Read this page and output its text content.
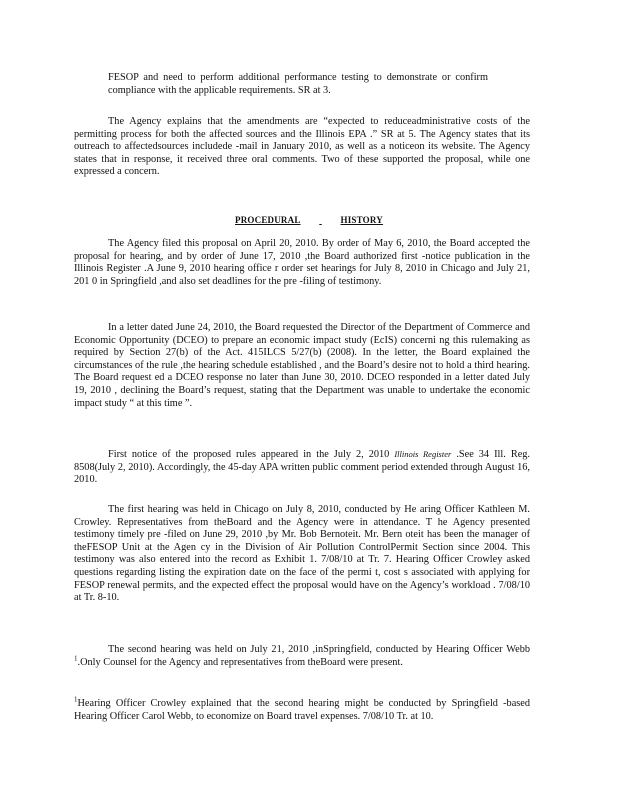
FESOP and need to perform additional performance testing to demonstrate or confirm compliance with the applicable requirements. SR at 3.

The Agency explains that the amendments are “expected to reduceadministrative costs of the permitting process for both the affected sources and the Illinois EPA .” SR at 5. The Agency states that its outreach to affectedsources includede -mail in January 2010, as well as a noticeon its website. The Agency states that in response, it received three oral comments. Two of these supported the proposal, while one expressed a concern.

PROCEDURAL	HISTORY

The Agency filed this proposal on April 20, 2010. By order of May 6, 2010, the Board accepted the proposal for hearing, and by order of June 17, 2010 ,the Board authorized first -notice publication in the Illinois Register .A June 9, 2010 hearing office r order set hearings for July 8, 2010 in Chicago and July 21, 201 0 in Springfield ,and also set deadlines for the pre -filing of testimony.

In a letter dated June 24, 2010, the Board requested the Director of the Department of Commerce and Economic Opportunity (DCEO) to prepare an economic impact study (EcIS) concerni ng this rulemaking as required by Section 27(b) of the Act. 415ILCS 5/27(b) (2008). In the letter, the Board explained the circumstances of the rule ,the hearing schedule established , and the Board’s desire not to hold a third hearing. The Board request ed a DCEO response no later than June 30, 2010. DCEO responded in a letter dated July 19, 2010 , declining the Board’s request, stating that the Department was unable to undertake the economic impact study “ at this time ”.

First notice of the proposed rules appeared in the July 2, 2010 Illinois Register .See 34 Ill. Reg. 8508(July 2, 2010). Accordingly, the 45-day APA written public comment period extended through August 16, 2010.

The first hearing was held in Chicago on July 8, 2010, conducted by He aring Officer Kathleen M. Crowley. Representatives from theBoard and the Agency were in attendance. T he Agency presented testimony timely pre -filed on June 29, 2010 ,by Mr. Bob Bernoteit. Mr. Bern oteit has been the manager of theFESOP Unit at the Agen cy in the Division of Air Pollution ControlPermit Section since 2004. This testimony was also entered into the record as Exhibit 1. 7/08/10 at Tr. 7. Hearing Officer Crowley asked questions regarding listing the expiration date on the face of the permi t, cost s associated with applying for FESOP renewal permits, and the expected effect the proposal would have on the Agency’s workload . 7/08/10 at Tr. 8-10.

The second hearing was held on July 21, 2010 ,inSpringfield, conducted by Hearing Officer Webb $^1$.Only Counsel for the Agency and representatives from theBoard were present.

$^1$Hearing Officer Crowley explained that the second hearing might be conducted by Springfield -based Hearing Officer Carol Webb, to economize on Board travel expenses. 7/08/10 Tr. at 10.
